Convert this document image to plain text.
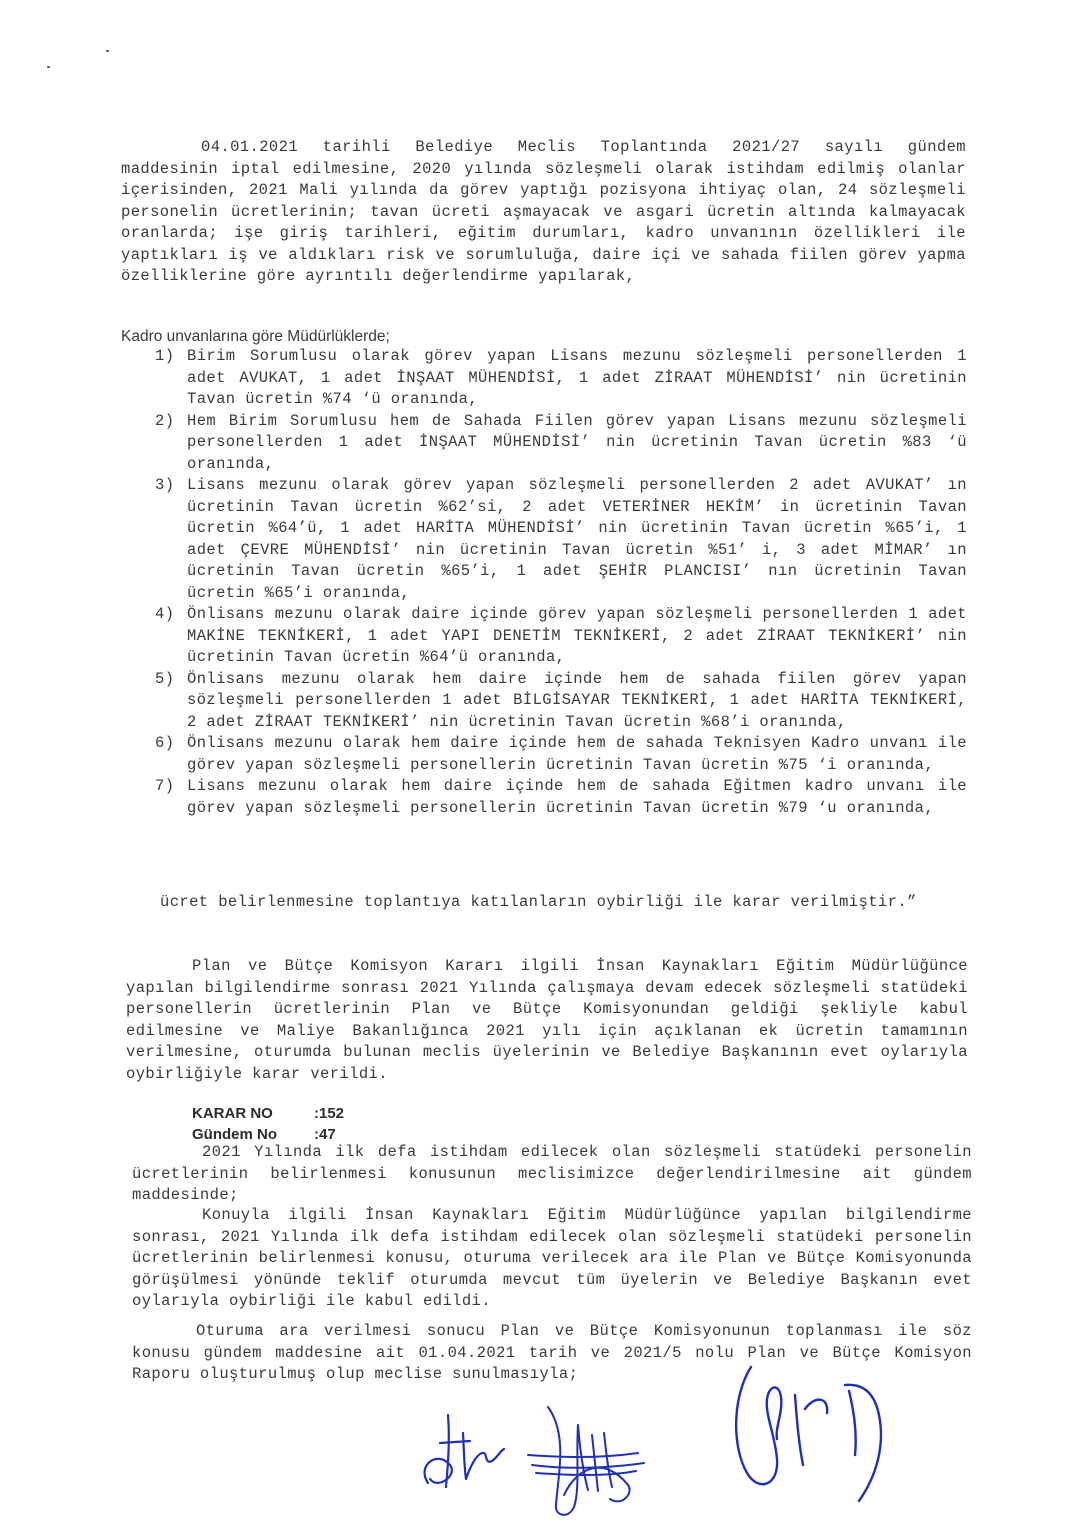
04.01.2021 tarihli Belediye Meclis Toplantında 2021/27 sayılı gündem maddesinin iptal edilmesine, 2020 yılında sözleşmeli olarak istihdam edilmiş olanlar içerisinden, 2021 Mali yılında da görev yaptığı pozisyona ihtiyaç olan, 24 sözleşmeli personelin ücretlerinin; tavan ücreti aşmayacak ve asgari ücretin altında kalmayacak oranlarda; işe giriş tarihleri, eğitim durumları, kadro unvanının özellikleri ile yaptıkları iş ve aldıkları risk ve sorumluluğa, daire içi ve sahada fiilen görev yapma özelliklerine göre ayrıntılı değerlendirme yapılarak,

Kadro unvanlarına göre Müdürlüklerde;
1) Birim Sorumlusu olarak görev yapan Lisans mezunu sözleşmeli personellerden 1 adet AVUKAT, 1 adet İNŞAAT MÜHENDİSİ, 1 adet ZİRAAT MÜHENDİSİ’ nin ücretinin Tavan ücretin %74 ‘ü oranında,
2) Hem Birim Sorumlusu hem de Sahada Fiilen görev yapan Lisans mezunu sözleşmeli personellerden 1 adet İNŞAAT MÜHENDİSİ’ nin ücretinin Tavan ücretin %83 ‘ü oranında,
3) Lisans mezunu olarak görev yapan sözleşmeli personellerden 2 adet AVUKAT’ ın ücretinin Tavan ücretin %62’si, 2 adet VETERİNER HEKİM’ in ücretinin Tavan ücretin %64’ü, 1 adet HARİTA MÜHENDİSİ’ nin ücretinin Tavan ücretin %65’i, 1 adet ÇEVRE MÜHENDİSİ’ nin ücretinin Tavan ücretin %51’ i, 3 adet MİMAR’ ın ücretinin Tavan ücretin %65’i, 1 adet ŞEHİR PLANCISI’ nın ücretinin Tavan ücretin %65’i oranında,
4) Önlisans mezunu olarak daire içinde görev yapan sözleşmeli personellerden 1 adet MAKİNE TEKNİKERİ, 1 adet YAPI DENETİM TEKNİKERİ, 2 adet ZİRAAT TEKNİKERİ’ nin ücretinin Tavan ücretin %64’ü oranında,
5) Önlisans mezunu olarak hem daire içinde hem de sahada fiilen görev yapan sözleşmeli personellerden 1 adet BİLGİSAYAR TEKNİKERİ, 1 adet HARİTA TEKNİKERİ, 2 adet ZİRAAT TEKNİKERİ’ nin ücretinin Tavan ücretin %68’i oranında,
6) Önlisans mezunu olarak hem daire içinde hem de sahada Teknisyen Kadro unvanı ile görev yapan sözleşmeli personellerin ücretinin Tavan ücretin %75 ‘i oranında,
7) Lisans mezunu olarak hem daire içinde hem de sahada Eğitmen kadro unvanı ile görev yapan sözleşmeli personellerin ücretinin Tavan ücretin %79 ‘u oranında,

ücret belirlenmesine toplantıya katılanların oybirliği ile karar verilmiştir.”

Plan ve Bütçe Komisyon Kararı ilgili İnsan Kaynakları Eğitim Müdürlüğünce yapılan bilgilendirme sonrası 2021 Yılında çalışmaya devam edecek sözleşmeli statüdeki personellerin ücretlerinin Plan ve Bütçe Komisyonundan geldiği şekliyle kabul edilmesine ve Maliye Bakanlığınca 2021 yılı için açıklanan ek ücretin tamamının verilmesine, oturumda bulunan meclis üyelerinin ve Belediye Başkanının evet oylarıyla oybirliğiyle karar verildi.

KARAR NO	:152
Gündem No	:47

2021 Yılında ilk defa istihdam edilecek olan sözleşmeli statüdeki personelin ücretlerinin belirlenmesi konusunun meclisimizce değerlendirilmesine ait gündem maddesinde;

Konuyla ilgili İnsan Kaynakları Eğitim Müdürlüğünce yapılan bilgilendirme sonrası, 2021 Yılında ilk defa istihdam edilecek olan sözleşmeli statüdeki personelin ücretlerinin belirlenmesi konusu, oturuma verilecek ara ile Plan ve Bütçe Komisyonunda görüşülmesi yönünde teklif oturumda mevcut tüm üyelerin ve Belediye Başkanın evet oylarıyla oybirliği ile kabul edildi.

Oturuma ara verilmesi sonucu Plan ve Bütçe Komisyonunun toplanması ile söz konusu gündem maddesine ait 01.04.2021 tarih ve 2021/5 nolu Plan ve Bütçe Komisyon Raporu oluşturulmuş olup meclise sunulmasıyla;
